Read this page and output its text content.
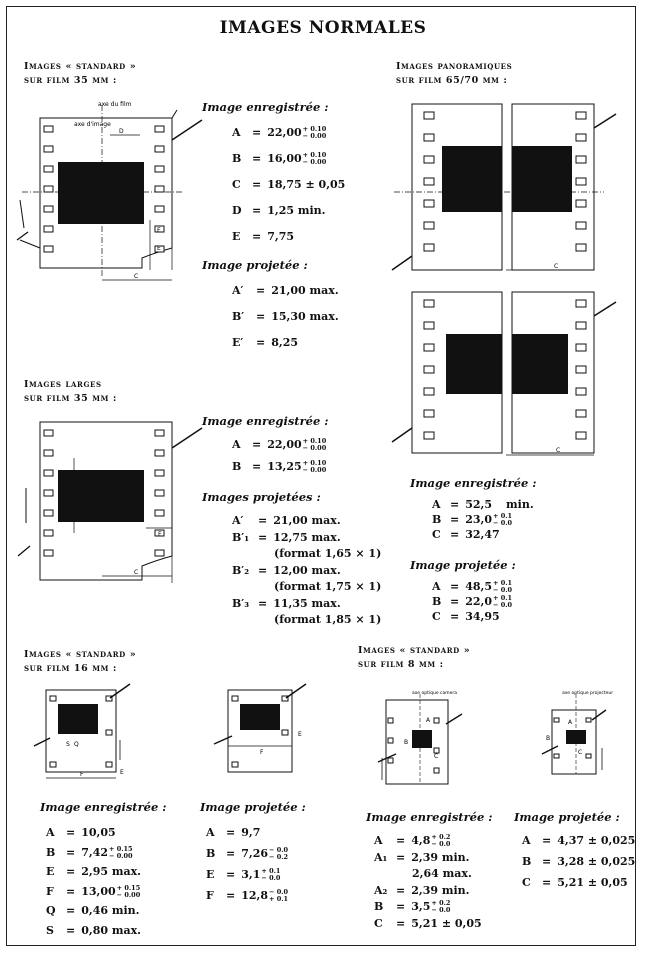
IMAGES NORMALES
Images « standard »
sur film 35 mm :
axe du film
axe d'image
D
E
E′
C
Image enregistrée :
A = 22,00 + 0.10
− 0.00
B = 16,00 + 0.10
− 0.00
C = 18,75 ± 0,05
D = 1,25 min.
E = 7,75
Image projetée :
A′ = 21,00 max.
B′ = 15,30 max.
E′ = 8,25
Images larges
sur film 35 mm :
E
C
Image enregistrée :
A = 22,00 + 0.10
− 0.00
B = 13,25 + 0.10
− 0.00
Images projetées :
A′ = 21,00 max.
B′₁ = 12,75 max.
(format 1,65 × 1)
B′₂ = 12,00 max.
(format 1,75 × 1)
B′₃ = 11,35 max.
(format 1,85 × 1)
Images panoramiques
sur film 65/70 mm :
C
C
Image enregistrée :
A = 52,5 min.
B = 23,0 + 0.1
− 0.0
C = 32,47
Image projetée :
A = 48,5 + 0.1
− 0.0
B = 22,0 + 0.1
− 0.0
C = 34,95
Images « standard »
sur film 16 mm :
S Q
F	E
F
E
Image enregistrée :
A = 10,05
B = 7,42 + 0.15
− 0.00
E = 2,95 max.
F = 13,00 + 0.15
− 0.00
Q = 0,46 min.
S = 0,80 max.
Image projetée :
A = 9,7
B = 7,26 − 0.0
− 0.2
E = 3,1 + 0.1
− 0.0
F = 12,8 − 0.0
+ 0.1
Images « standard »
sur film 8 mm :
axe optique camera
A
B
C
axe optique projecteur
A
B
C
Image enregistrée :
A = 4,8 + 0.2
− 0.0
A₁ = 2,39 min.
2,64 max.
A₂ = 2,39 min.
B = 3,5 + 0.2
− 0.0
C = 5,21 ± 0,05
Image projetée :
A = 4,37 ± 0,025
B = 3,28 ± 0,025
C = 5,21 ± 0,05
